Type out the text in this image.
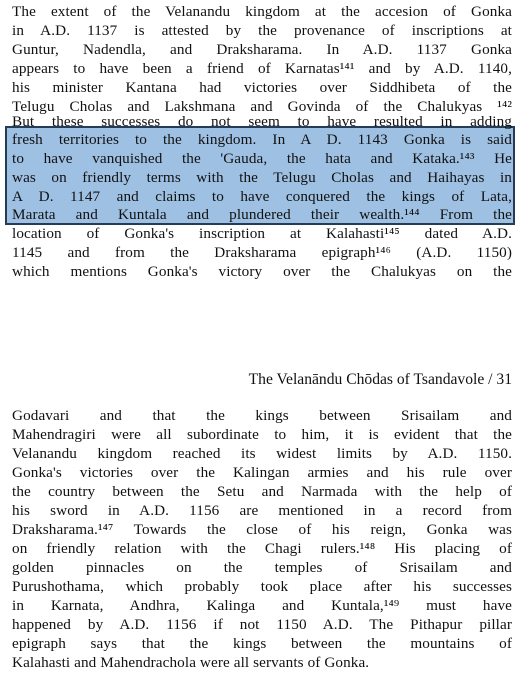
The extent of the Velanandu kingdom at the accesion of Gonka
in A.D. 1137 is attested by the provenance of inscriptions at
Guntur, Nadendla, and Draksharama. In A.D. 1137 Gonka
appears to have been a friend of Karnatas¹⁴¹ and by A.D. 1140,
his minister Kantana had victories over Siddhibeta of the
Telugu Cholas and Lakshmana and Govinda of the Chalukyas ¹⁴²
But these successes do not seem to have resulted in adding
fresh territories to the kingdom. In A D. 1143 Gonka is said
to have vanquished the 'Gauda, the hata and Kataka.¹⁴³ He
was on friendly terms with the Telugu Cholas and Haihayas in
A D. 1147 and claims to have conquered the kings of Lata,
Marata and Kuntala and plundered their wealth.¹⁴⁴ From the
location of Gonka's inscription at Kalahasti¹⁴⁵ dated A.D.
1145 and from the Draksharama epigraph¹⁴⁶ (A.D. 1150)
which mentions Gonka's victory over the Chalukyas on the
The Velanāndu Chōdas of Tsandavole / 31
Godavari and that the kings between Srisailam and
Mahendragiri were all subordinate to him, it is evident that the
Velanandu kingdom reached its widest limits by A.D. 1150.
Gonka's victories over the Kalingan armies and his rule over
the country between the Setu and Narmada with the help of
his sword in A.D. 1156 are mentioned in a record from
Draksharama.¹⁴⁷ Towards the close of his reign, Gonka was
on friendly relation with the Chagi rulers.¹⁴⁸ His placing of
golden pinnacles on the temples of Srisailam and
Purushothama, which probably took place after his successes
in Karnata, Andhra, Kalinga and Kuntala,¹⁴⁹ must have
happened by A.D. 1156 if not 1150 A.D. The Pithapur pillar
epigraph says that the kings between the mountains of
Kalahasti and Mahendrachola were all servants of Gonka.
